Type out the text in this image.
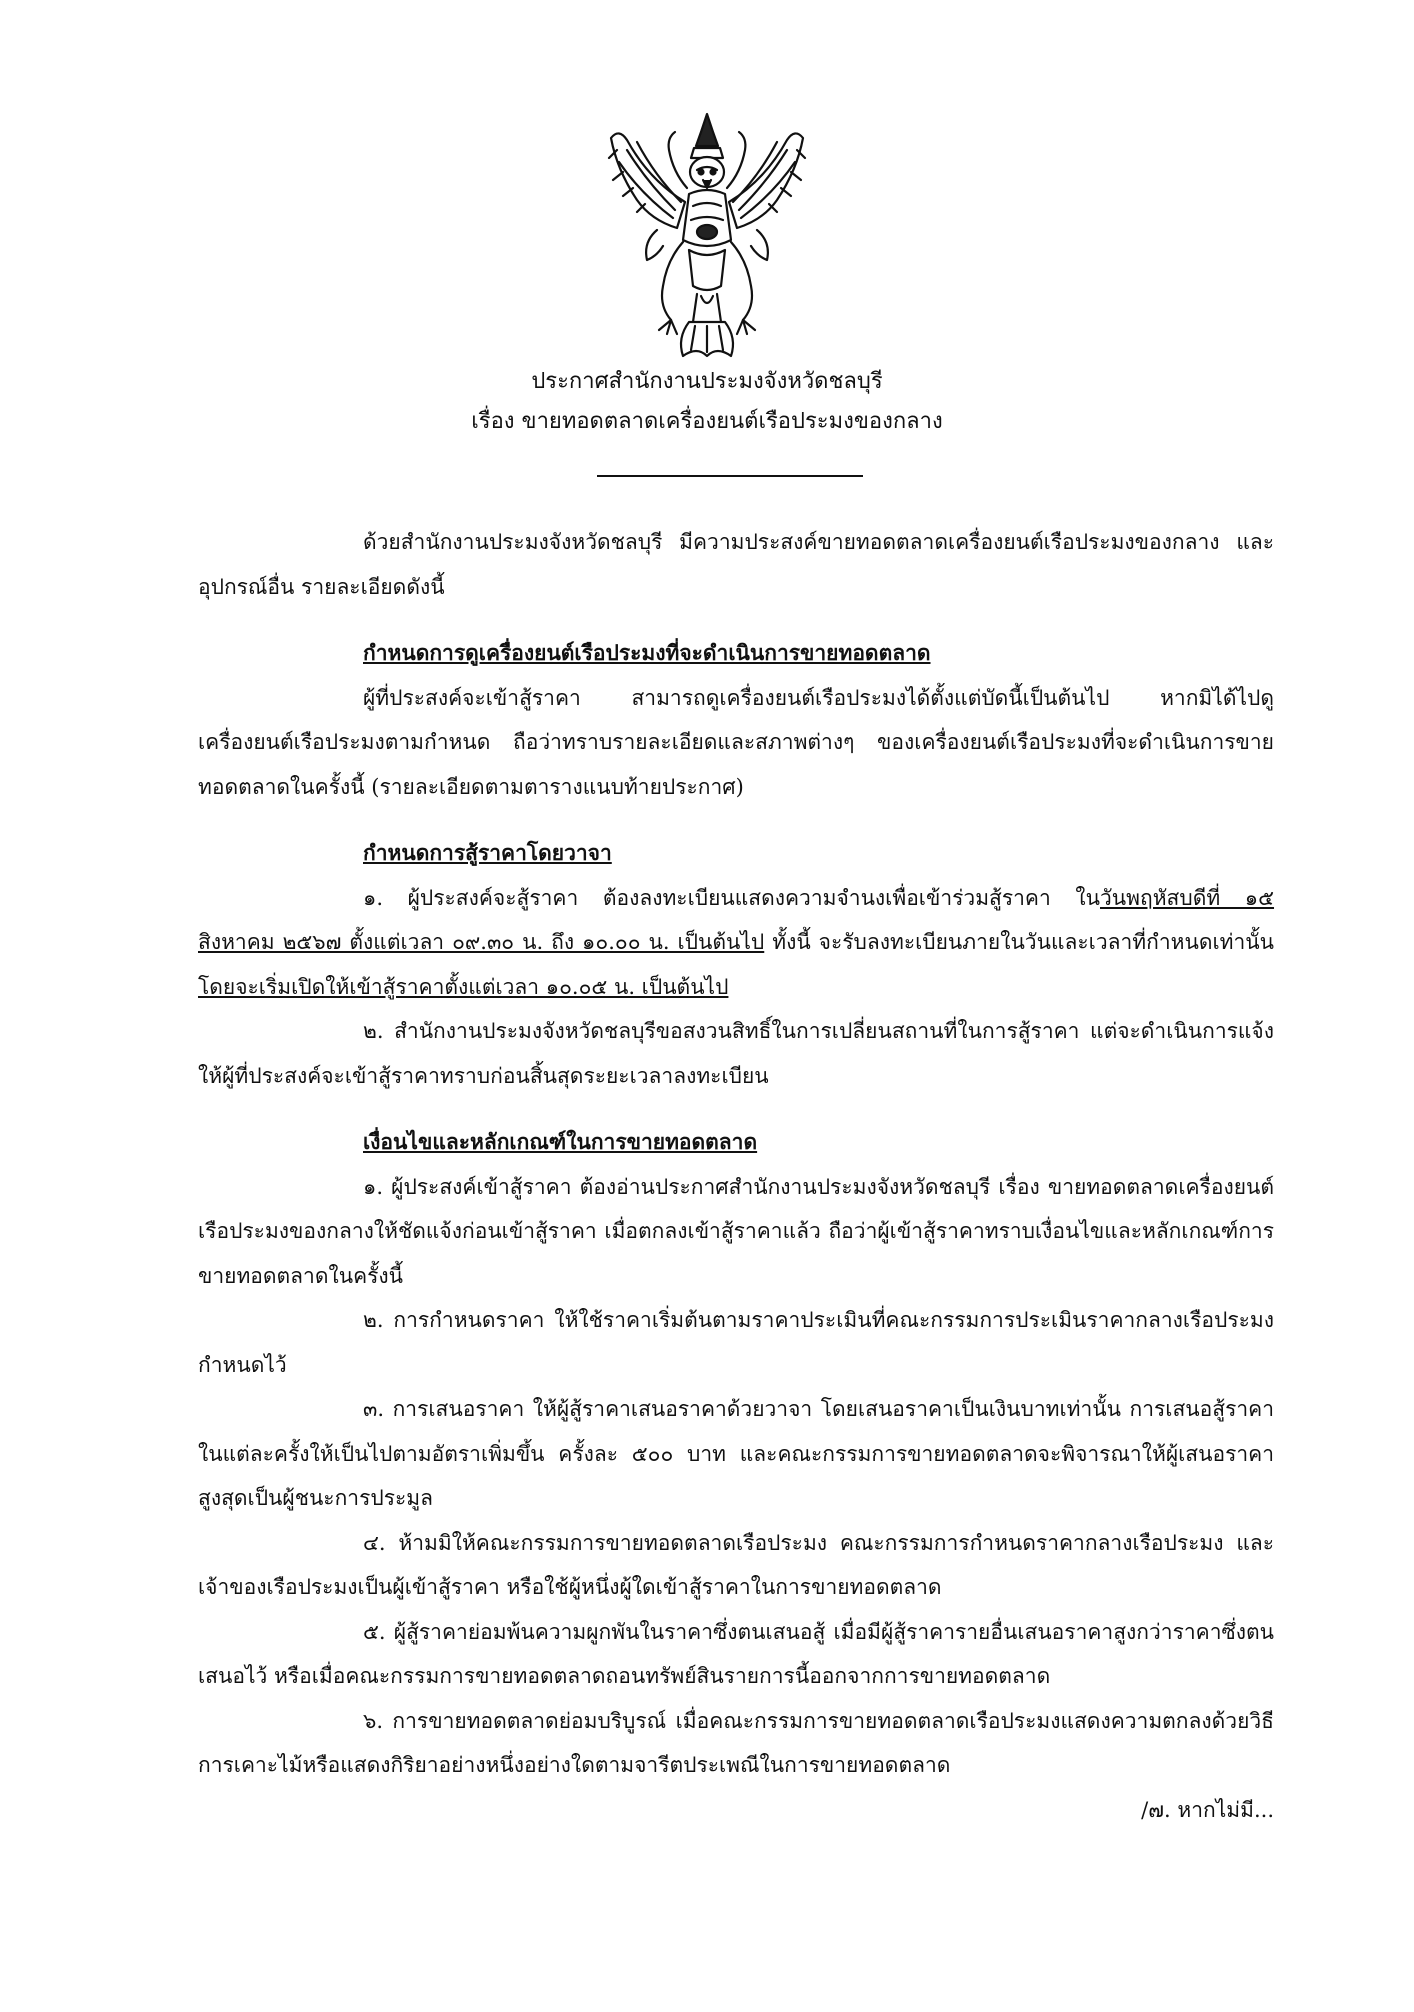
ประกาศสำนักงานประมงจังหวัดชลบุรี
เรื่อง ขายทอดตลาดเครื่องยนต์เรือประมงของกลาง

ด้วยสำนักงานประมงจังหวัดชลบุรี มีความประสงค์ขายทอดตลาดเครื่องยนต์เรือประมงของกลาง และอุปกรณ์อื่น รายละเอียดดังนี้

กำหนดการดูเครื่องยนต์เรือประมงที่จะดำเนินการขายทอดตลาด

ผู้ที่ประสงค์จะเข้าสู้ราคา สามารถดูเครื่องยนต์เรือประมงได้ตั้งแต่บัดนี้เป็นต้นไป หากมิได้ไปดูเครื่องยนต์เรือประมงตามกำหนด ถือว่าทราบรายละเอียดและสภาพต่างๆ ของเครื่องยนต์เรือประมงที่จะดำเนินการขายทอดตลาดในครั้งนี้ (รายละเอียดตามตารางแนบท้ายประกาศ)

กำหนดการสู้ราคาโดยวาจา

๑. ผู้ประสงค์จะสู้ราคา ต้องลงทะเบียนแสดงความจำนงเพื่อเข้าร่วมสู้ราคา ในวันพฤหัสบดีที่ ๑๕ สิงหาคม ๒๕๖๗ ตั้งแต่เวลา ๐๙.๓๐ น. ถึง ๑๐.๐๐ น. เป็นต้นไป ทั้งนี้ จะรับลงทะเบียนภายในวันและเวลาที่กำหนดเท่านั้น โดยจะเริ่มเปิดให้เข้าสู้ราคาตั้งแต่เวลา ๑๐.๐๕ น. เป็นต้นไป

๒. สำนักงานประมงจังหวัดชลบุรีขอสงวนสิทธิ์ในการเปลี่ยนสถานที่ในการสู้ราคา แต่จะดำเนินการแจ้งให้ผู้ที่ประสงค์จะเข้าสู้ราคาทราบก่อนสิ้นสุดระยะเวลาลงทะเบียน

เงื่อนไขและหลักเกณฑ์ในการขายทอดตลาด

๑. ผู้ประสงค์เข้าสู้ราคา ต้องอ่านประกาศสำนักงานประมงจังหวัดชลบุรี เรื่อง ขายทอดตลาดเครื่องยนต์เรือประมงของกลางให้ชัดแจ้งก่อนเข้าสู้ราคา เมื่อตกลงเข้าสู้ราคาแล้ว ถือว่าผู้เข้าสู้ราคาทราบเงื่อนไขและหลักเกณฑ์การขายทอดตลาดในครั้งนี้

๒. การกำหนดราคา ให้ใช้ราคาเริ่มต้นตามราคาประเมินที่คณะกรรมการประเมินราคากลางเรือประมงกำหนดไว้

๓. การเสนอราคา ให้ผู้สู้ราคาเสนอราคาด้วยวาจา โดยเสนอราคาเป็นเงินบาทเท่านั้น การเสนอสู้ราคาในแต่ละครั้งให้เป็นไปตามอัตราเพิ่มขึ้น ครั้งละ ๕๐๐ บาท และคณะกรรมการขายทอดตลาดจะพิจารณาให้ผู้เสนอราคาสูงสุดเป็นผู้ชนะการประมูล

๔. ห้ามมิให้คณะกรรมการขายทอดตลาดเรือประมง คณะกรรมการกำหนดราคากลางเรือประมง และเจ้าของเรือประมงเป็นผู้เข้าสู้ราคา หรือใช้ผู้หนึ่งผู้ใดเข้าสู้ราคาในการขายทอดตลาด

๕. ผู้สู้ราคาย่อมพ้นความผูกพันในราคาซึ่งตนเสนอสู้ เมื่อมีผู้สู้ราคารายอื่นเสนอราคาสูงกว่าราคาซึ่งตนเสนอไว้ หรือเมื่อคณะกรรมการขายทอดตลาดถอนทรัพย์สินรายการนี้ออกจากการขายทอดตลาด

๖. การขายทอดตลาดย่อมบริบูรณ์ เมื่อคณะกรรมการขายทอดตลาดเรือประมงแสดงความตกลงด้วยวิธีการเคาะไม้หรือแสดงกิริยาอย่างหนึ่งอย่างใดตามจารีตประเพณีในการขายทอดตลาด

/๗. หากไม่มี...
